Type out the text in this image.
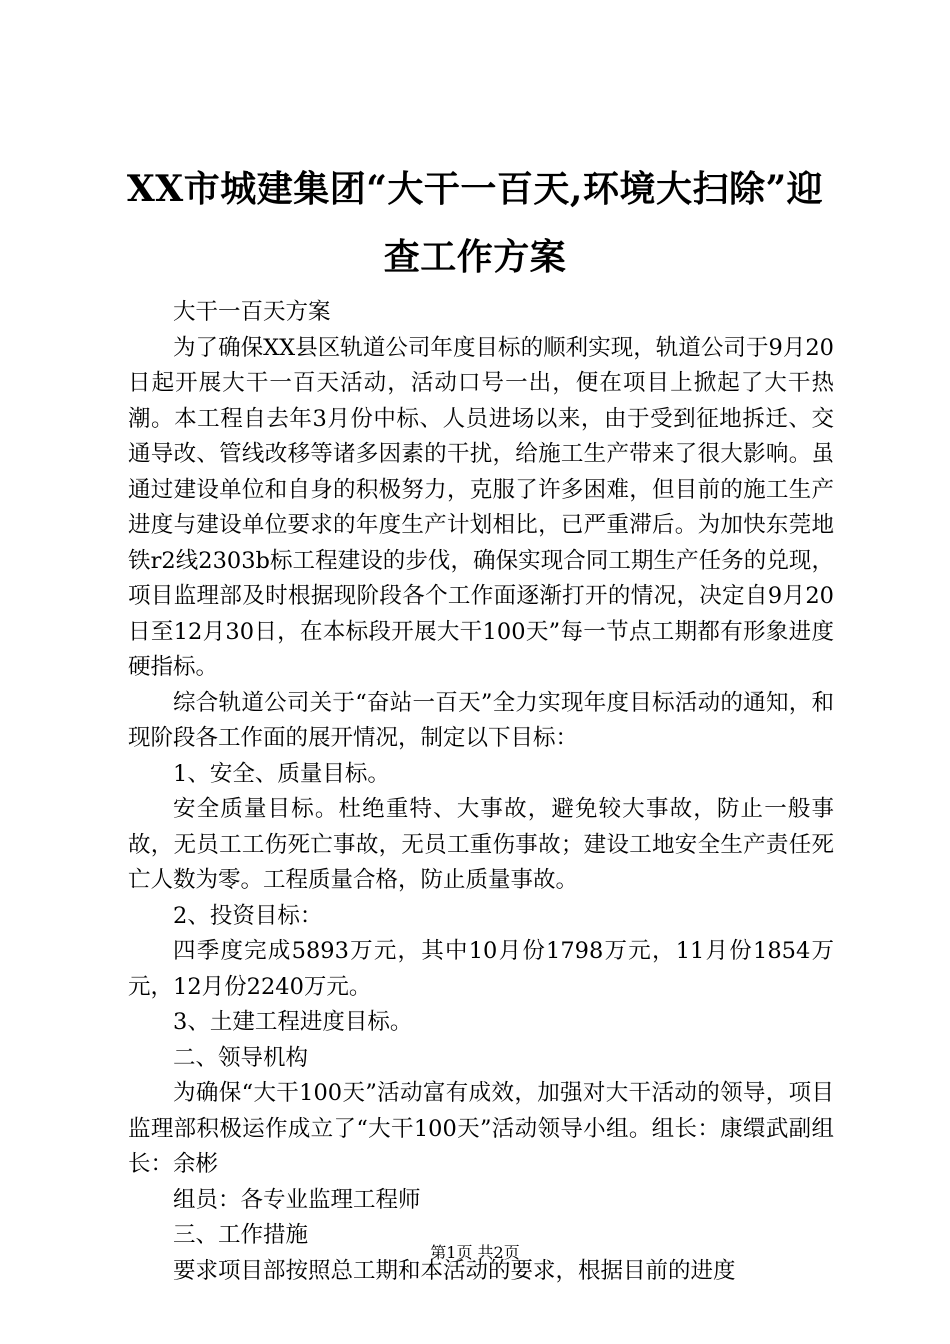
XX市城建集团“大干一百天,环境大扫除”迎
查工作方案

大干一百天方案

为了确保XX县区轨道公司年度目标的顺利实现，轨道公司于9月20日起开展大干一百天活动，活动口号一出，便在项目上掀起了大干热潮。本工程自去年3月份中标、人员进场以来，由于受到征地拆迁、交通导改、管线改移等诸多因素的干扰，给施工生产带来了很大影响。虽通过建设单位和自身的积极努力，克服了许多困难，但目前的施工生产进度与建设单位要求的年度生产计划相比，已严重滞后。为加快东莞地铁r2线2303b标工程建设的步伐，确保实现合同工期生产任务的兑现，项目监理部及时根据现阶段各个工作面逐渐打开的情况，决定自9月20日至12月30日，在本标段开展大干100天”每一节点工期都有形象进度硬指标。

综合轨道公司关于“奋站一百天”全力实现年度目标活动的通知，和现阶段各工作面的展开情况，制定以下目标：

1、安全、质量目标。

安全质量目标。杜绝重特、大事故，避免较大事故，防止一般事故，无员工工伤死亡事故，无员工重伤事故；建设工地安全生产责任死亡人数为零。工程质量合格，防止质量事故。

2、投资目标：

四季度完成5893万元，其中10月份1798万元，11月份1854万元，12月份2240万元。

3、土建工程进度目标。

二、领导机构

为确保“大干100天”活动富有成效，加强对大干活动的领导，项目监理部积极运作成立了“大干100天”活动领导小组。组长：康缳武副组长：余彬

组员：各专业监理工程师

三、工作措施

要求项目部按照总工期和本活动的要求，根据目前的进度

第1页 共2页
